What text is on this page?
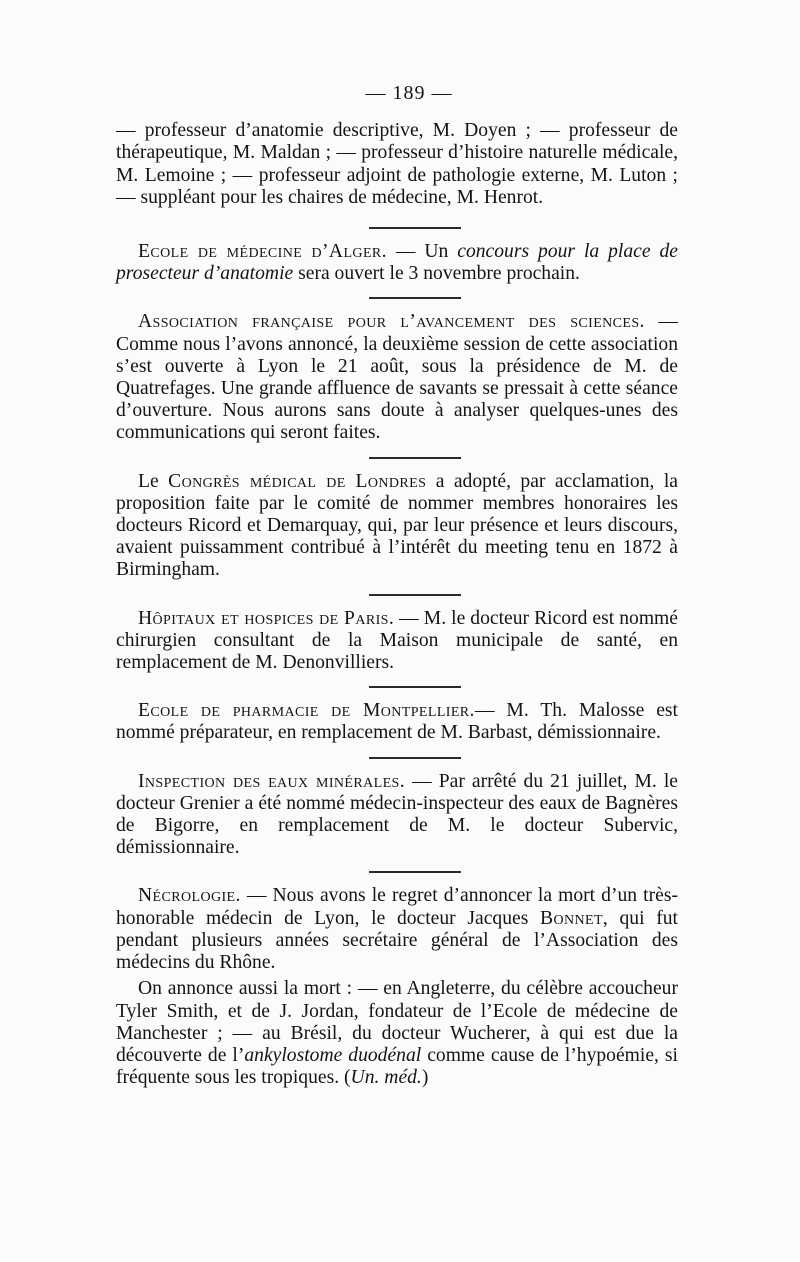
— 189 —

— professeur d’anatomie descriptive, M. Doyen ; — professeur de thérapeutique, M. Maldan ; — professeur d’histoire naturelle médicale, M. Lemoine ; — professeur adjoint de pathologie externe, M. Luton ; — suppléant pour les chaires de médecine, M. Henrot.

Ecole de médecine d’Alger. — Un concours pour la place de prosecteur d’anatomie sera ouvert le 3 novembre prochain.

Association française pour l’avancement des sciences. — Comme nous l’avons annoncé, la deuxième session de cette association s’est ouverte à Lyon le 21 août, sous la présidence de M. de Quatrefages. Une grande affluence de savants se pressait à cette séance d’ouverture. Nous aurons sans doute à analyser quelques-unes des communications qui seront faites.

Le Congrès médical de Londres a adopté, par acclamation, la proposition faite par le comité de nommer membres honoraires les docteurs Ricord et Demarquay, qui, par leur présence et leurs discours, avaient puissamment contribué à l’intérêt du meeting tenu en 1872 à Birmingham.

Hôpitaux et hospices de Paris. — M. le docteur Ricord est nommé chirurgien consultant de la Maison municipale de santé, en remplacement de M. Denonvilliers.

Ecole de pharmacie de Montpellier.— M. Th. Malosse est nommé préparateur, en remplacement de M. Barbast, démissionnaire.

Inspection des eaux minérales. — Par arrêté du 21 juillet, M. le docteur Grenier a été nommé médecin-inspecteur des eaux de Bagnères de Bigorre, en remplacement de M. le docteur Subervic, démissionnaire.

Nécrologie. — Nous avons le regret d’annoncer la mort d’un très-honorable médecin de Lyon, le docteur Jacques Bonnet, qui fut pendant plusieurs années secrétaire général de l’Association des médecins du Rhône.

On annonce aussi la mort : — en Angleterre, du célèbre accoucheur Tyler Smith, et de J. Jordan, fondateur de l’Ecole de médecine de Manchester ; — au Brésil, du docteur Wucherer, à qui est due la découverte de l’ankylostome duodénal comme cause de l’hypoémie, si fréquente sous les tropiques. (Un. méd.)
